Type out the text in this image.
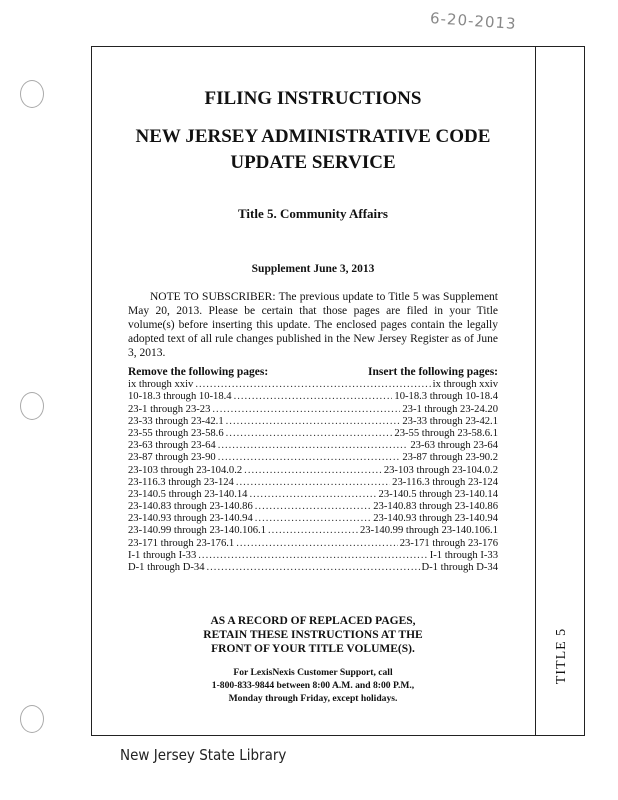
6-20-2013
TITLE 5
FILING INSTRUCTIONS
NEW JERSEY ADMINISTRATIVE CODE
UPDATE SERVICE
Title 5. Community Affairs
Supplement June 3, 2013
NOTE TO SUBSCRIBER: The previous update to Title 5 was Supplement May 20, 2013. Please be certain that those pages are filed in your Title volume(s) before inserting this update. The enclosed pages contain the legally adopted text of all rule changes published in the New Jersey Register as of June 3, 2013.
Remove the following pages:	Insert the following pages:
ix through xxiv .....	ix through xxiv
10-18.3 through 10-18.4 .....	10-18.3 through 10-18.4
23-1 through 23-23 .....	23-1 through 23-24.20
23-33 through 23-42.1 .....	23-33 through 23-42.1
23-55 through 23-58.6 .....	23-55 through 23-58.6.1
23-63 through 23-64 .....	23-63 through 23-64
23-87 through 23-90 .....	23-87 through 23-90.2
23-103 through 23-104.0.2 .....	23-103 through 23-104.0.2
23-116.3 through 23-124 .....	23-116.3 through 23-124
23-140.5 through 23-140.14 .....	23-140.5 through 23-140.14
23-140.83 through 23-140.86 .....	23-140.83 through 23-140.86
23-140.93 through 23-140.94 .....	23-140.93 through 23-140.94
23-140.99 through 23-140.106.1 .....	23-140.99 through 23-140.106.1
23-171 through 23-176.1 .....	23-171 through 23-176
I-1 through I-33 .....	I-1 through I-33
D-1 through D-34 .....	D-1 through D-34
AS A RECORD OF REPLACED PAGES,
RETAIN THESE INSTRUCTIONS AT THE
FRONT OF YOUR TITLE VOLUME(S).
For LexisNexis Customer Support, call
1-800-833-9844 between 8:00 A.M. and 8:00 P.M.,
Monday through Friday, except holidays.
New Jersey State Library
